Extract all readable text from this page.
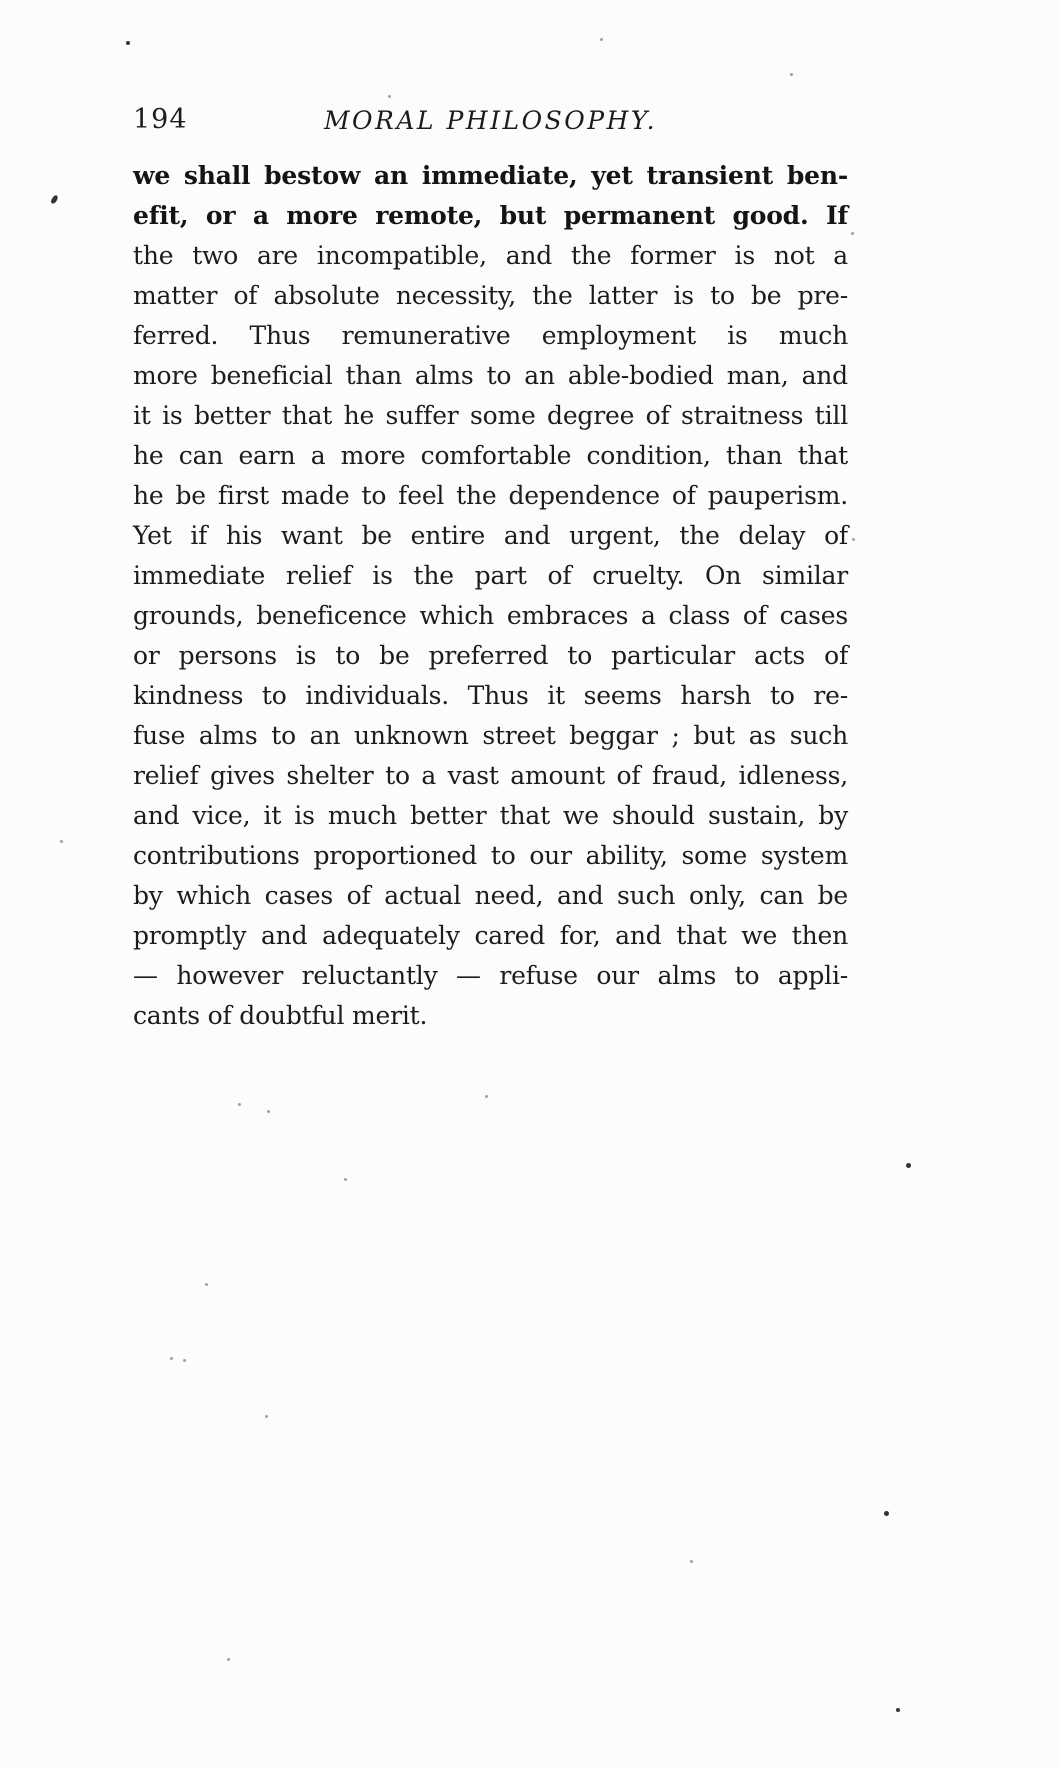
194	MORAL PHILOSOPHY.
we shall bestow an immediate, yet transient ben-
efit, or a more remote, but permanent good. If
the two are incompatible, and the former is not a
matter of absolute necessity, the latter is to be pre-
ferred. Thus remunerative employment is much
more beneficial than alms to an able-bodied man, and
it is better that he suffer some degree of straitness till
he can earn a more comfortable condition, than that
he be first made to feel the dependence of pauperism.
Yet if his want be entire and urgent, the delay of
immediate relief is the part of cruelty. On similar
grounds, beneficence which embraces a class of cases
or persons is to be preferred to particular acts of
kindness to individuals. Thus it seems harsh to re-
fuse alms to an unknown street beggar ; but as such
relief gives shelter to a vast amount of fraud, idleness,
and vice, it is much better that we should sustain, by
contributions proportioned to our ability, some system
by which cases of actual need, and such only, can be
promptly and adequately cared for, and that we then
— however reluctantly — refuse our alms to appli-
cants of doubtful merit.
